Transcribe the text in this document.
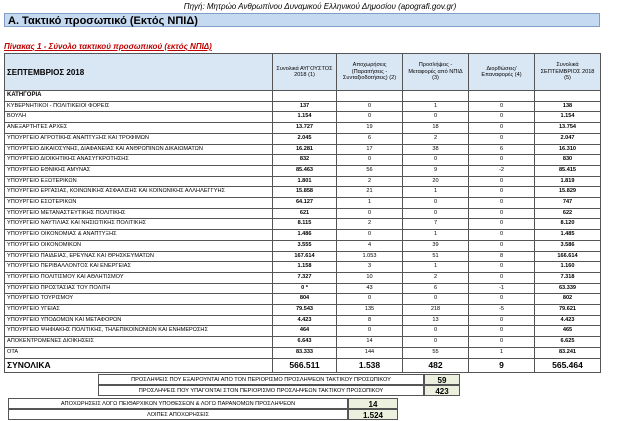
Πηγή: Μητρώο Ανθρωπίνου Δυναμικού Ελληνικού Δημοσίου (apografi.gov.gr)
Α. Τακτικό προσωπικό (Εκτός ΝΠΙΔ)
Πίνακας 1 - Σύνολο τακτικού προσωπικού (εκτός ΝΠΙΔ)
ΣΕΠΤΕΜΒΡΙΟΣ 2018	Συνολικά ΑΥΓΟΥΣΤΟΣ 2018 (1)	Αποχωρήσεις (Παραιτήσεις - Συνταξιοδοτήσεις) (2)	Προσλήψεις - Μεταφορές από ΝΠΙΔ (3)	Διορθώσεις/ Επαναφορές (4)	Συνολικά ΣΕΠΤΕΜΒΡΙΟΣ 2018 (5)
ΚΑΤΗΓΟΡΙΑ					
ΚΥΒΕΡΝΗΤΙΚΟΙ - ΠΟΛΙΤΙΚΕΙΟΙ ΦΟΡΕΙΣ	137	0	1	0	138
ΒΟΥΛΗ	1.154	0	0	0	1.154
ΑΝΕΞΑΡΤΗΤΕΣ ΑΡΧΕΣ	13.727	19	18	0	13.754
ΥΠΟΥΡΓΕΙΟ ΑΓΡΟΤΙΚΗΣ ΑΝΑΠΤΥΞΗΣ ΚΑΙ ΤΡΟΦΙΜΩΝ	2.045	6	2	0	2.047
ΥΠΟΥΡΓΕΙΟ ΔΙΚΑΙΟΣΥΝΗΣ, ΔΙΑΦΑΝΕΙΑΣ ΚΑΙ ΑΝΘΡΩΠΙΝΩΝ ΔΙΚΑΙΩΜΑΤΩΝ	16.281	17	38	6	16.310
ΥΠΟΥΡΓΕΙΟ ΔΙΟΙΚΗΤΙΚΗΣ ΑΝΑΣΥΓΚΡΟΤΗΣΗΣ	832	0	0	0	830
ΥΠΟΥΡΓΕΙΟ ΕΘΝΙΚΗΣ ΑΜΥΝΑΣ	85.463	56	9	-2	85.415
ΥΠΟΥΡΓΕΙΟ ΕΞΩΤΕΡΙΚΩΝ	1.801	2	20	0	1.819
ΥΠΟΥΡΓΕΙΟ ΕΡΓΑΣΙΑΣ, ΚΟΙΝΩΝΙΚΗΣ ΑΣΦΑΛΙΣΗΣ ΚΑΙ ΚΟΙΝΩΝΙΚΗΣ ΑΛΛΗΛΕΓΓΥΗΣ	15.858	21	1	0	15.829
ΥΠΟΥΡΓΕΙΟ ΕΣΩΤΕΡΙΚΩΝ	64.127	1	0	0	747
ΥΠΟΥΡΓΕΙΟ ΜΕΤΑΝΑΣΤΕΥΤΙΚΗΣ ΠΟΛΙΤΙΚΗΣ	621	0	0	0	622
ΥΠΟΥΡΓΕΙΟ ΝΑΥΤΙΛΙΑΣ ΚΑΙ ΝΗΣΙΩΤΙΚΗΣ ΠΟΛΙΤΙΚΗΣ	8.115	2	7	0	8.120
ΥΠΟΥΡΓΕΙΟ ΟΙΚΟΝΟΜΙΑΣ & ΑΝΑΠΤΥΞΗΣ	1.486	0	1	0	1.485
ΥΠΟΥΡΓΕΙΟ ΟΙΚΟΝΟΜΙΚΩΝ	3.555	4	39	0	3.586
ΥΠΟΥΡΓΕΙΟ ΠΑΙΔΕΙΑΣ, ΕΡΕΥΝΑΣ ΚΑΙ ΘΡΗΣΚΕΥΜΑΤΩΝ	167.614	1.053	51	8	166.614
ΥΠΟΥΡΓΕΙΟ ΠΕΡΙΒΑΛΛΟΝΤΟΣ ΚΑΙ ΕΝΕΡΓΕΙΑΣ	1.158	3	1	0	1.160
ΥΠΟΥΡΓΕΙΟ ΠΟΛΙΤΙΣΜΟΥ ΚΑΙ ΑΘΛΗΤΙΣΜΟΥ	7.327	10	2	0	7.318
ΥΠΟΥΡΓΕΙΟ ΠΡΟΣΤΑΣΙΑΣ ΤΟΥ ΠΟΛΙΤΗ	0 *	43	6	-1	63.339
ΥΠΟΥΡΓΕΙΟ ΤΟΥΡΙΣΜΟΥ	804	0	0	0	802
ΥΠΟΥΡΓΕΙΟ ΥΓΕΙΑΣ	79.543	135	218	-5	79.621
ΥΠΟΥΡΓΕΙΟ ΥΠΟΔΟΜΩΝ ΚΑΙ ΜΕΤΑΦΟΡΩΝ	4.423	8	13	0	4.423
ΥΠΟΥΡΓΕΙΟ ΨΗΦΙΑΚΗΣ ΠΟΛΙΤΙΚΗΣ, ΤΗΛΕΠΙΚΟΙΝΩΝΙΩΝ ΚΑΙ ΕΝΗΜΕΡΩΣΗΣ	464	0	0	0	465
ΑΠΟΚΕΝΤΡΩΜΕΝΕΣ ΔΙΟΙΚΗΣΕΙΣ	6.643	14	0	0	6.625
ΟΤΑ	83.333	144	55	1	83.241
ΣΥΝΟΛΙΚΑ	566.511	1.538	482	9	565.464
ΠΡΟΣΛΗΨΕΙΣ ΠΟΥ ΕΞΑΙΡΟΥΝΤΑΙ ΑΠΟ ΤΟΝ ΠΕΡΙΟΡΙΣΜΟ ΠΡΟΣΛΗΨΕΩΝ ΤΑΚΤΙΚΟΥ ΠΡΟΣΩΠΙΚΟΥ	59
ΠΡΟΣΛΗΨΕΙΣ ΠΟΥ ΥΠΑΓΟΝΤΑΙ ΣΤΟΝ ΠΕΡΙΟΡΙΣΜΟ ΠΡΟΣΛΗΨΕΩΝ ΤΑΚΤΙΚΟΥ ΠΡΟΣΩΠΙΚΟΥ	423
ΑΠΟΧΩΡΗΣΕΙΣ ΛΟΓΩ ΠΕΙΘΑΡΧΙΚΩΝ ΥΠΟΘΕΣΕΩΝ & ΛΟΓΩ ΠΑΡΑΝΟΜΩΝ ΠΡΟΣΛΗΨΕΩΝ	14
ΛΟΙΠΕΣ ΑΠΟΧΩΡΗΣΕΙΣ	1.524
